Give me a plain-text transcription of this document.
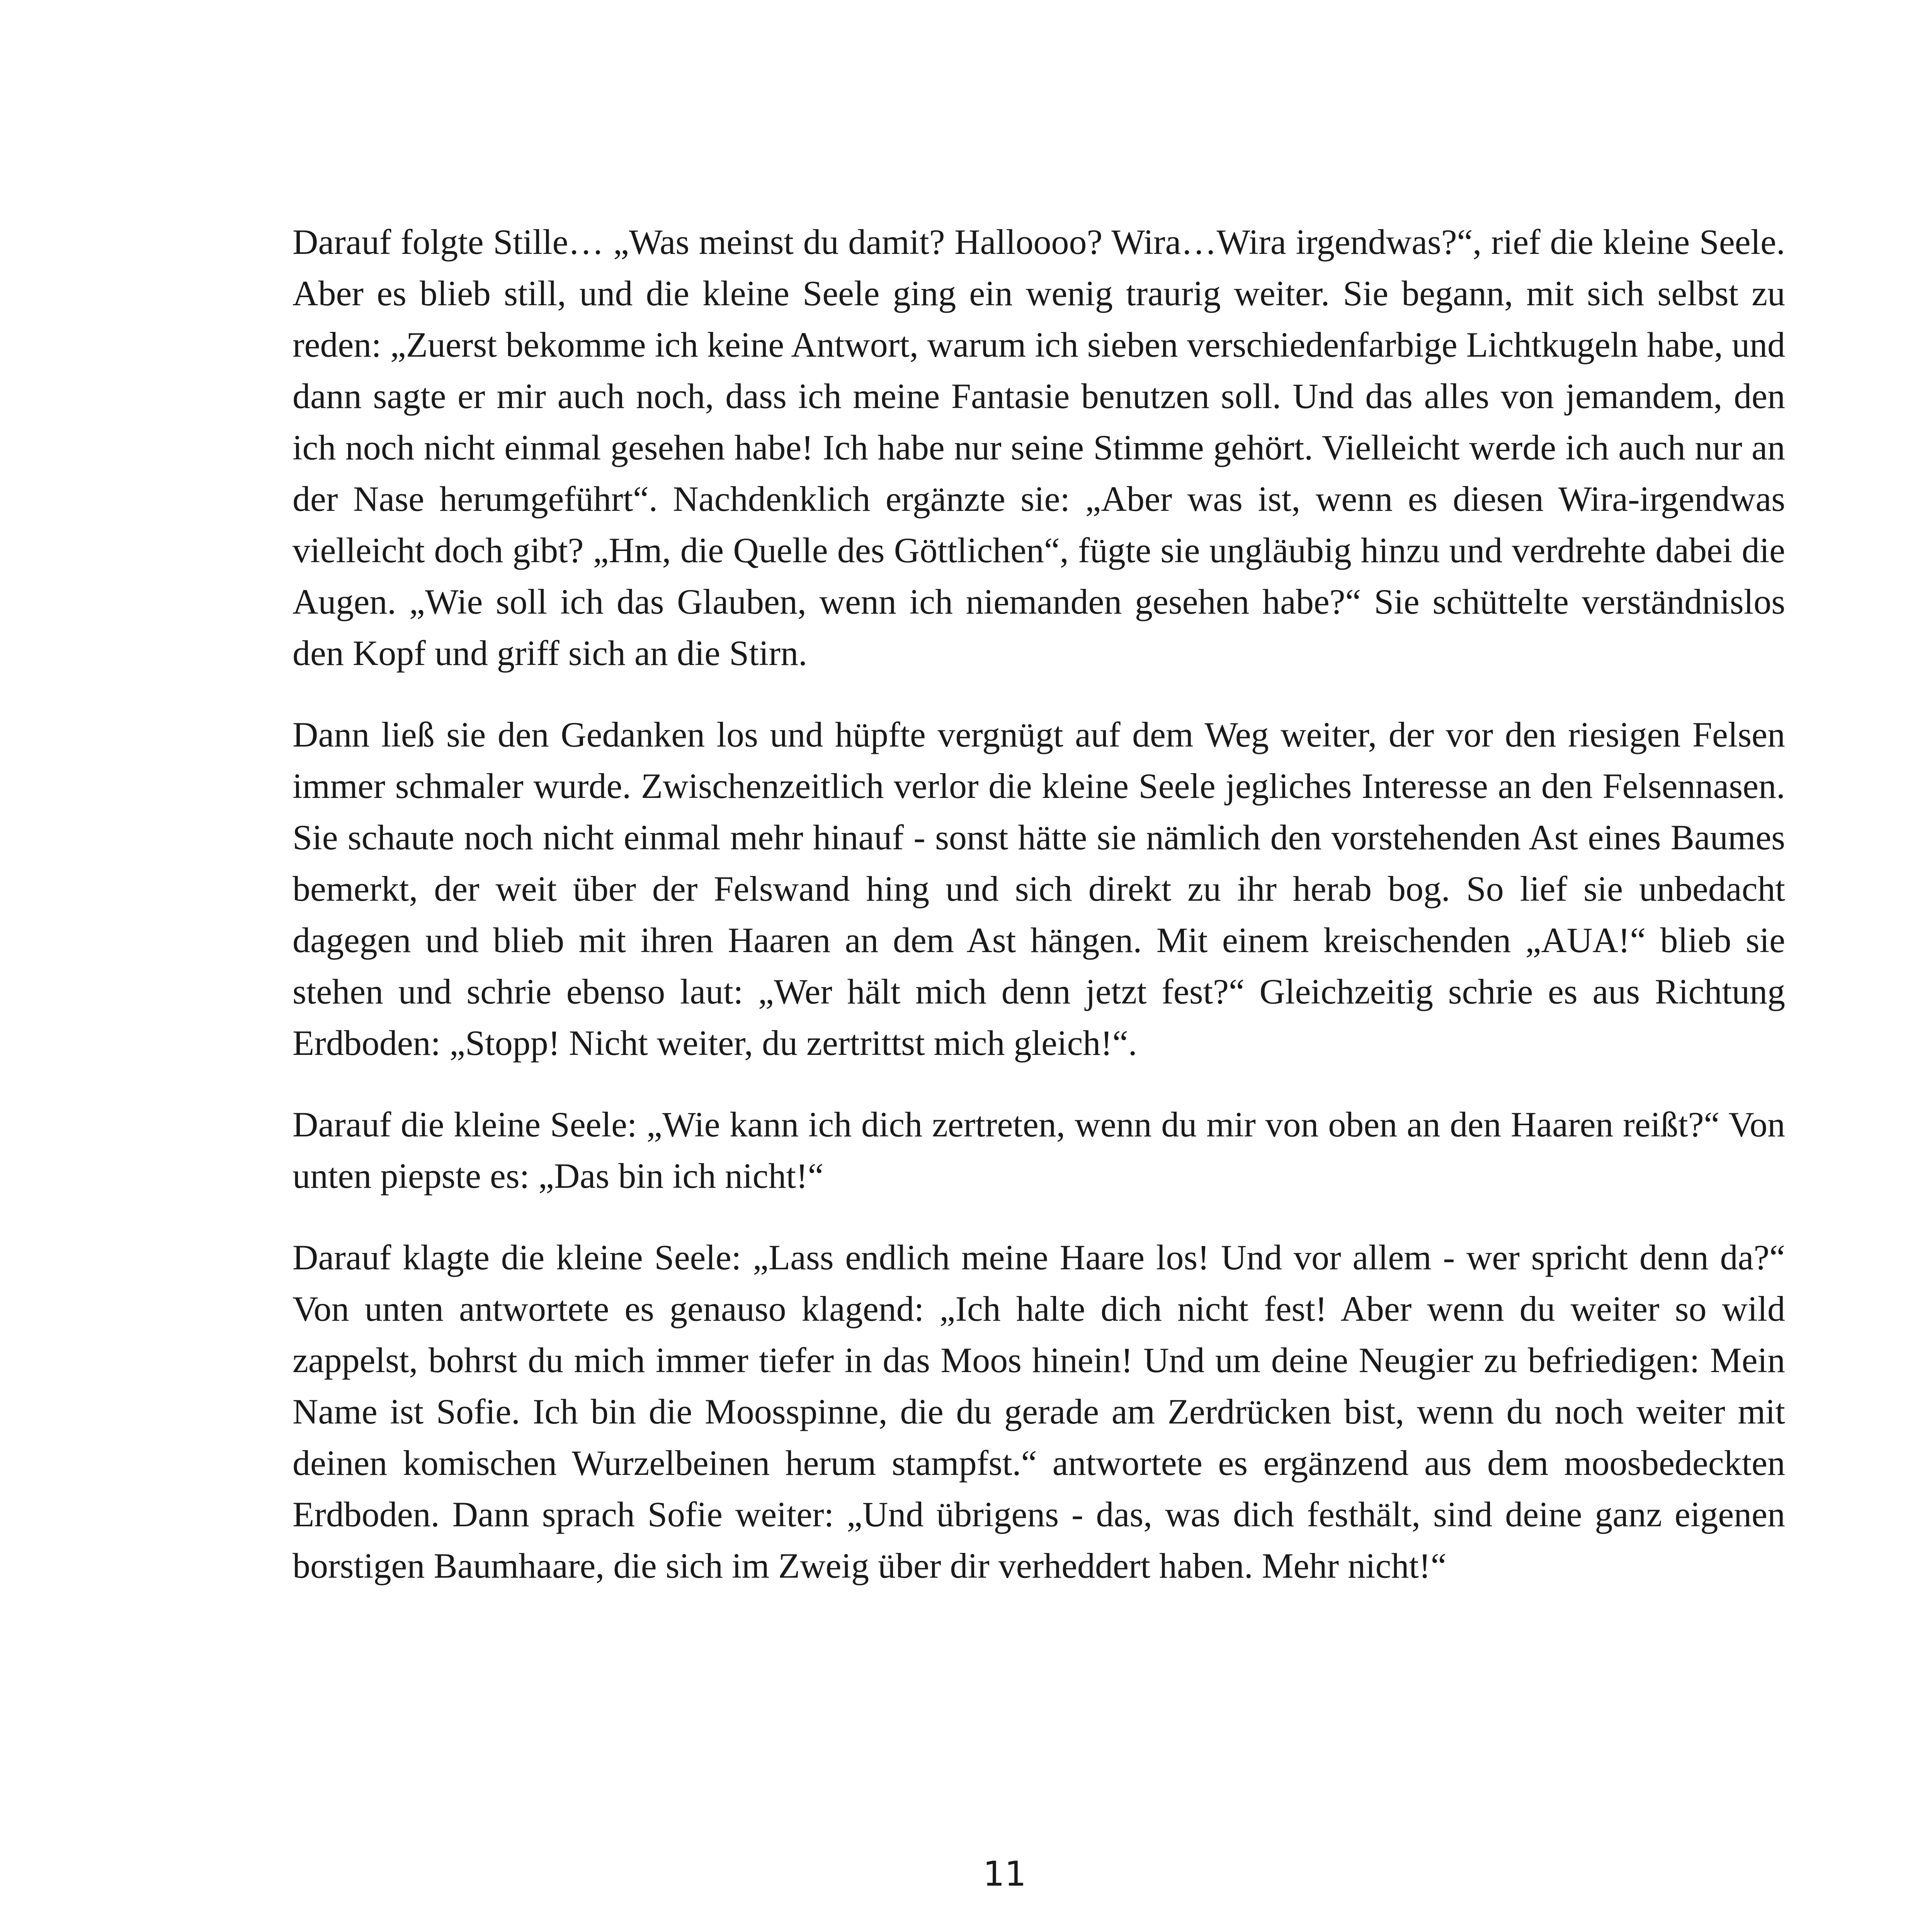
Darauf folgte Stille… „Was meinst du damit? Halloooo? Wira…Wira irgendwas?“, rief die kleine Seele. Aber es blieb still, und die kleine Seele ging ein wenig traurig weiter. Sie begann, mit sich selbst zu reden: „Zuerst bekomme ich keine Antwort, warum ich sieben verschiedenfarbige Lichtkugeln habe, und dann sagte er mir auch noch, dass ich meine Fantasie benutzen soll. Und das alles von jemandem, den ich noch nicht einmal gesehen habe! Ich habe nur seine Stimme gehört. Vielleicht werde ich auch nur an der Nase herumgeführt“. Nachdenklich ergänzte sie: „Aber was ist, wenn es diesen Wira-irgendwas vielleicht doch gibt? „Hm, die Quelle des Göttlichen“, fügte sie ungläubig hinzu und verdrehte dabei die Augen. „Wie soll ich das Glauben, wenn ich niemanden gesehen habe?“ Sie schüttelte verständnislos den Kopf und griff sich an die Stirn.

Dann ließ sie den Gedanken los und hüpfte vergnügt auf dem Weg weiter, der vor den riesigen Felsen immer schmaler wurde. Zwischenzeitlich verlor die kleine Seele jegliches Interesse an den Felsennasen. Sie schaute noch nicht einmal mehr hinauf - sonst hätte sie nämlich den vorstehenden Ast eines Baumes bemerkt, der weit über der Felswand hing und sich direkt zu ihr herab bog. So lief sie unbedacht dagegen und blieb mit ihren Haaren an dem Ast hängen. Mit einem kreischenden „AUA!“ blieb sie stehen und schrie ebenso laut: „Wer hält mich denn jetzt fest?“ Gleichzeitig schrie es aus Richtung Erdboden: „Stopp! Nicht weiter, du zertrittst mich gleich!“.

Darauf die kleine Seele: „Wie kann ich dich zertreten, wenn du mir von oben an den Haaren reißt?“ Von unten piepste es: „Das bin ich nicht!“

Darauf klagte die kleine Seele: „Lass endlich meine Haare los! Und vor allem - wer spricht denn da?“ Von unten antwortete es genauso klagend: „Ich halte dich nicht fest! Aber wenn du weiter so wild zappelst, bohrst du mich immer tiefer in das Moos hinein! Und um deine Neugier zu befriedigen: Mein Name ist Sofie. Ich bin die Moosspinne, die du gerade am Zerdrücken bist, wenn du noch weiter mit deinen komischen Wurzelbeinen herum stampfst.“ antwortete es ergänzend aus dem moosbedeckten Erdboden. Dann sprach Sofie weiter: „Und übrigens - das, was dich festhält, sind deine ganz eigenen borstigen Baumhaare, die sich im Zweig über dir verheddert haben. Mehr nicht!“

11
